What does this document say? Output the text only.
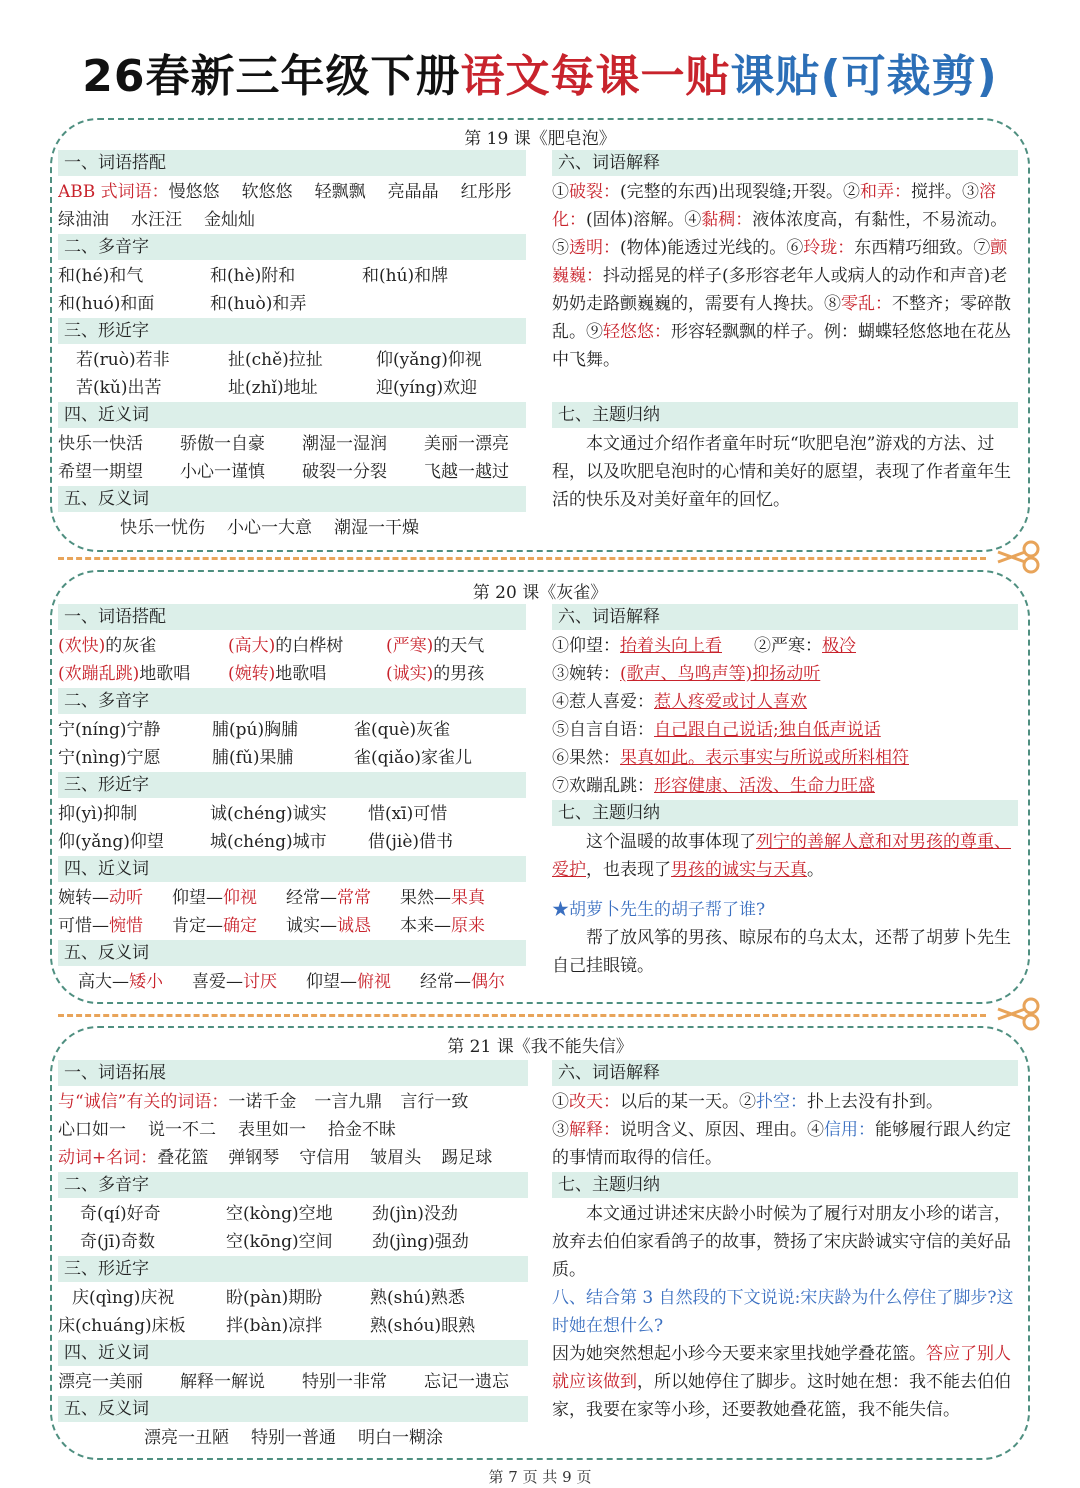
26春新三年级下册语文每课一贴课贴(可裁剪)
第 19 课《肥皂泡》
一、词语搭配
ABB 式词语：慢悠悠 软悠悠 轻飘飘 亮晶晶 红彤彤
绿油油 水汪汪 金灿灿
二、多音字
和(hé)和气	和(hè)附和	和(hú)和牌
和(huó)和面	和(huò)和弄
三、形近字
若(ruò)若非	扯(chě)拉扯	仰(yǎng)仰视
苦(kǔ)出苦	址(zhǐ)地址	迎(yíng)欢迎
四、近义词
快乐一快活 骄傲一自豪 潮湿一湿润 美丽一漂亮
希望一期望 小心一谨慎 破裂一分裂 飞越一越过
五、反义词
快乐一忧伤 小心一大意 潮湿一干燥
六、词语解释
①破裂：(完整的东西)出现裂缝;开裂。②和弄：搅拌。③溶化：(固体)溶解。④黏稠：液体浓度高，有黏性，不易流动。⑤透明：(物体)能透过光线的。⑥玲珑：东西精巧细致。⑦颤巍巍：抖动摇晃的样子(多形容老年人或病人的动作和声音)老奶奶走路颤巍巍的，需要有人搀扶。⑧零乱：不整齐；零碎散乱。⑨轻悠悠：形容轻飘飘的样子。例：蝴蝶轻悠悠地在花丛中飞舞。
七、主题归纳
本文通过介绍作者童年时玩“吹肥皂泡”游戏的方法、过程，以及吹肥皂泡时的心情和美好的愿望，表现了作者童年生活的快乐及对美好童年的回忆。
第 20 课《灰雀》
一、词语搭配
(欢快)的灰雀	(高大)的白桦树	(严寒)的天气
(欢蹦乱跳)地歌唱 (婉转)地歌唱	(诚实)的男孩
二、多音字
宁(níng)宁静	脯(pú)胸脯	雀(què)灰雀
宁(nìng)宁愿	脯(fǔ)果脯	雀(qiǎo)家雀儿
三、形近字
抑(yì)抑制	诚(chéng)诚实 惜(xī)可惜
仰(yǎng)仰望	城(chéng)城市 借(jiè)借书
四、近义词
婉转—动听 仰望—仰视 经常—常常 果然—果真
可惜—惋惜 肯定—确定 诚实—诚恳 本来—原来
五、反义词
高大—矮小 喜爱—讨厌 仰望—俯视 经常—偶尔
六、词语解释
①仰望：抬着头向上看 ②严寒：极冷
③婉转：(歌声、鸟鸣声等)抑扬动听
④惹人喜爱：惹人疼爱或讨人喜欢
⑤自言自语：自己跟自己说话;独自低声说话
⑥果然：果真如此。表示事实与所说或所料相符
⑦欢蹦乱跳：形容健康、活泼、生命力旺盛
七、主题归纳
这个温暖的故事体现了列宁的善解人意和对男孩的尊重、爱护，也表现了男孩的诚实与天真。
★胡萝卜先生的胡子帮了谁?
帮了放风筝的男孩、晾尿布的乌太太，还帮了胡萝卜先生自己挂眼镜。
第 21 课《我不能失信》
一、词语拓展
与“诚信”有关的词语：一诺千金 一言九鼎 言行一致
心口如一 说一不二 表里如一 拾金不昧
动词+名词：叠花篮 弹钢琴 守信用 皱眉头 踢足球
二、多音字
奇(qí)好奇	空(kòng)空地 劲(jìn)没劲
奇(jī)奇数	空(kōng)空间 劲(jìng)强劲
三、形近字
庆(qìng)庆祝	盼(pàn)期盼	熟(shú)熟悉
床(chuáng)床板 拌(bàn)凉拌	熟(shóu)眼熟
四、近义词
漂亮一美丽 解释一解说 特别一非常 忘记一遗忘
五、反义词
漂亮一丑陋 特别一普通 明白一糊涂
六、词语解释
①改天：以后的某一天。②扑空：扑上去没有扑到。
③解释：说明含义、原因、理由。④信用：能够履行跟人约定的事情而取得的信任。
七、主题归纳
本文通过讲述宋庆龄小时候为了履行对朋友小珍的诺言，放弃去伯伯家看鸽子的故事，赞扬了宋庆龄诚实守信的美好品质。
八、结合第 3 自然段的下文说说:宋庆龄为什么停住了脚步?这时她在想什么?
因为她突然想起小珍今天要来家里找她学叠花篮。答应了别人就应该做到，所以她停住了脚步。这时她在想：我不能去伯伯家，我要在家等小珍，还要教她叠花篮，我不能失信。
第 7 页 共 9 页
